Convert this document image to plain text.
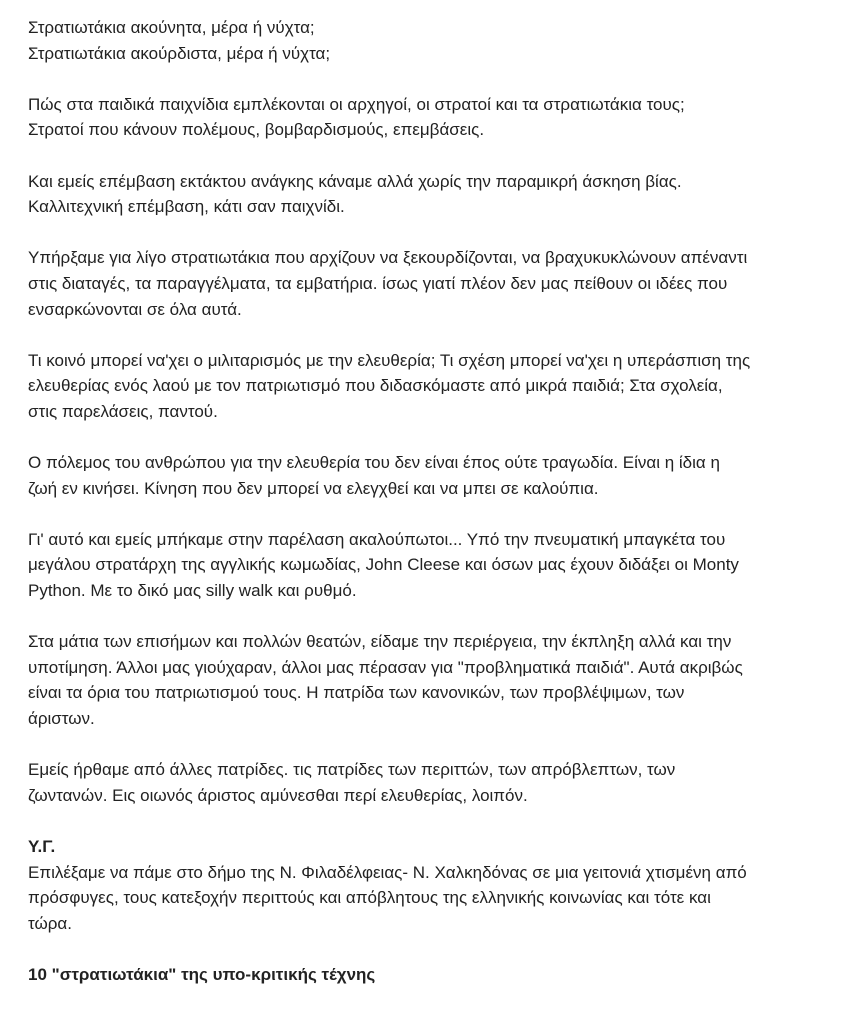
Στρατιωτάκια ακούνητα, μέρα ή νύχτα;
Στρατιωτάκια ακούρδιστα, μέρα ή νύχτα;

Πώς στα παιδικά παιχνίδια εμπλέκονται οι αρχηγοί, οι στρατοί και τα στρατιωτάκια τους;
Στρατοί που κάνουν πολέμους, βομβαρδισμούς, επεμβάσεις.

Και εμείς επέμβαση εκτάκτου ανάγκης κάναμε αλλά χωρίς την παραμικρή άσκηση βίας.
Καλλιτεχνική επέμβαση, κάτι σαν παιχνίδι.

Υπήρξαμε για λίγο στρατιωτάκια που αρχίζουν να ξεκουρδίζονται, να βραχυκυκλώνουν απέναντι
στις διαταγές, τα παραγγέλματα, τα εμβατήρια. ίσως γιατί πλέον δεν μας πείθουν οι ιδέες που
ενσαρκώνονται σε όλα αυτά.

Τι κοινό μπορεί να'χει ο μιλιταρισμός με την ελευθερία; Τι σχέση μπορεί να'χει η υπεράσπιση της
ελευθερίας ενός λαού με τον πατριωτισμό που διδασκόμαστε από μικρά παιδιά; Στα σχολεία,
στις παρελάσεις, παντού.

Ο πόλεμος του ανθρώπου για την ελευθερία του δεν είναι έπος ούτε τραγωδία. Είναι η ίδια η
ζωή εν κινήσει. Κίνηση που δεν μπορεί να ελεγχθεί και να μπει σε καλούπια.

Γι' αυτό και εμείς μπήκαμε στην παρέλαση ακαλούπωτοι... Υπό την πνευματική μπαγκέτα του
μεγάλου στρατάρχη της αγγλικής κωμωδίας, John Cleese και όσων μας έχουν διδάξει οι Monty
Python. Με το δικό μας silly walk και ρυθμό.

Στα μάτια των επισήμων και πολλών θεατών, είδαμε την περιέργεια, την έκπληξη αλλά και την
υποτίμηση. Άλλοι μας γιούχαραν, άλλοι μας πέρασαν για "προβληματικά παιδιά". Αυτά ακριβώς
είναι τα όρια του πατριωτισμού τους. Η πατρίδα των κανονικών, των προβλέψιμων, των
άριστων.

Εμείς ήρθαμε από άλλες πατρίδες. τις πατρίδες των περιττών, των απρόβλεπτων, των
ζωντανών. Εις οιωνός άριστος αμύνεσθαι περί ελευθερίας, λοιπόν.

Υ.Γ.
Επιλέξαμε να πάμε στο δήμο της Ν. Φιλαδέλφειας- Ν. Χαλκηδόνας σε μια γειτονιά χτισμένη από
πρόσφυγες, τους κατεξοχήν περιττούς και απόβλητους της ελληνικής κοινωνίας και τότε και
τώρα.

10 "στρατιωτάκια" της υπο-κριτικής τέχνης
